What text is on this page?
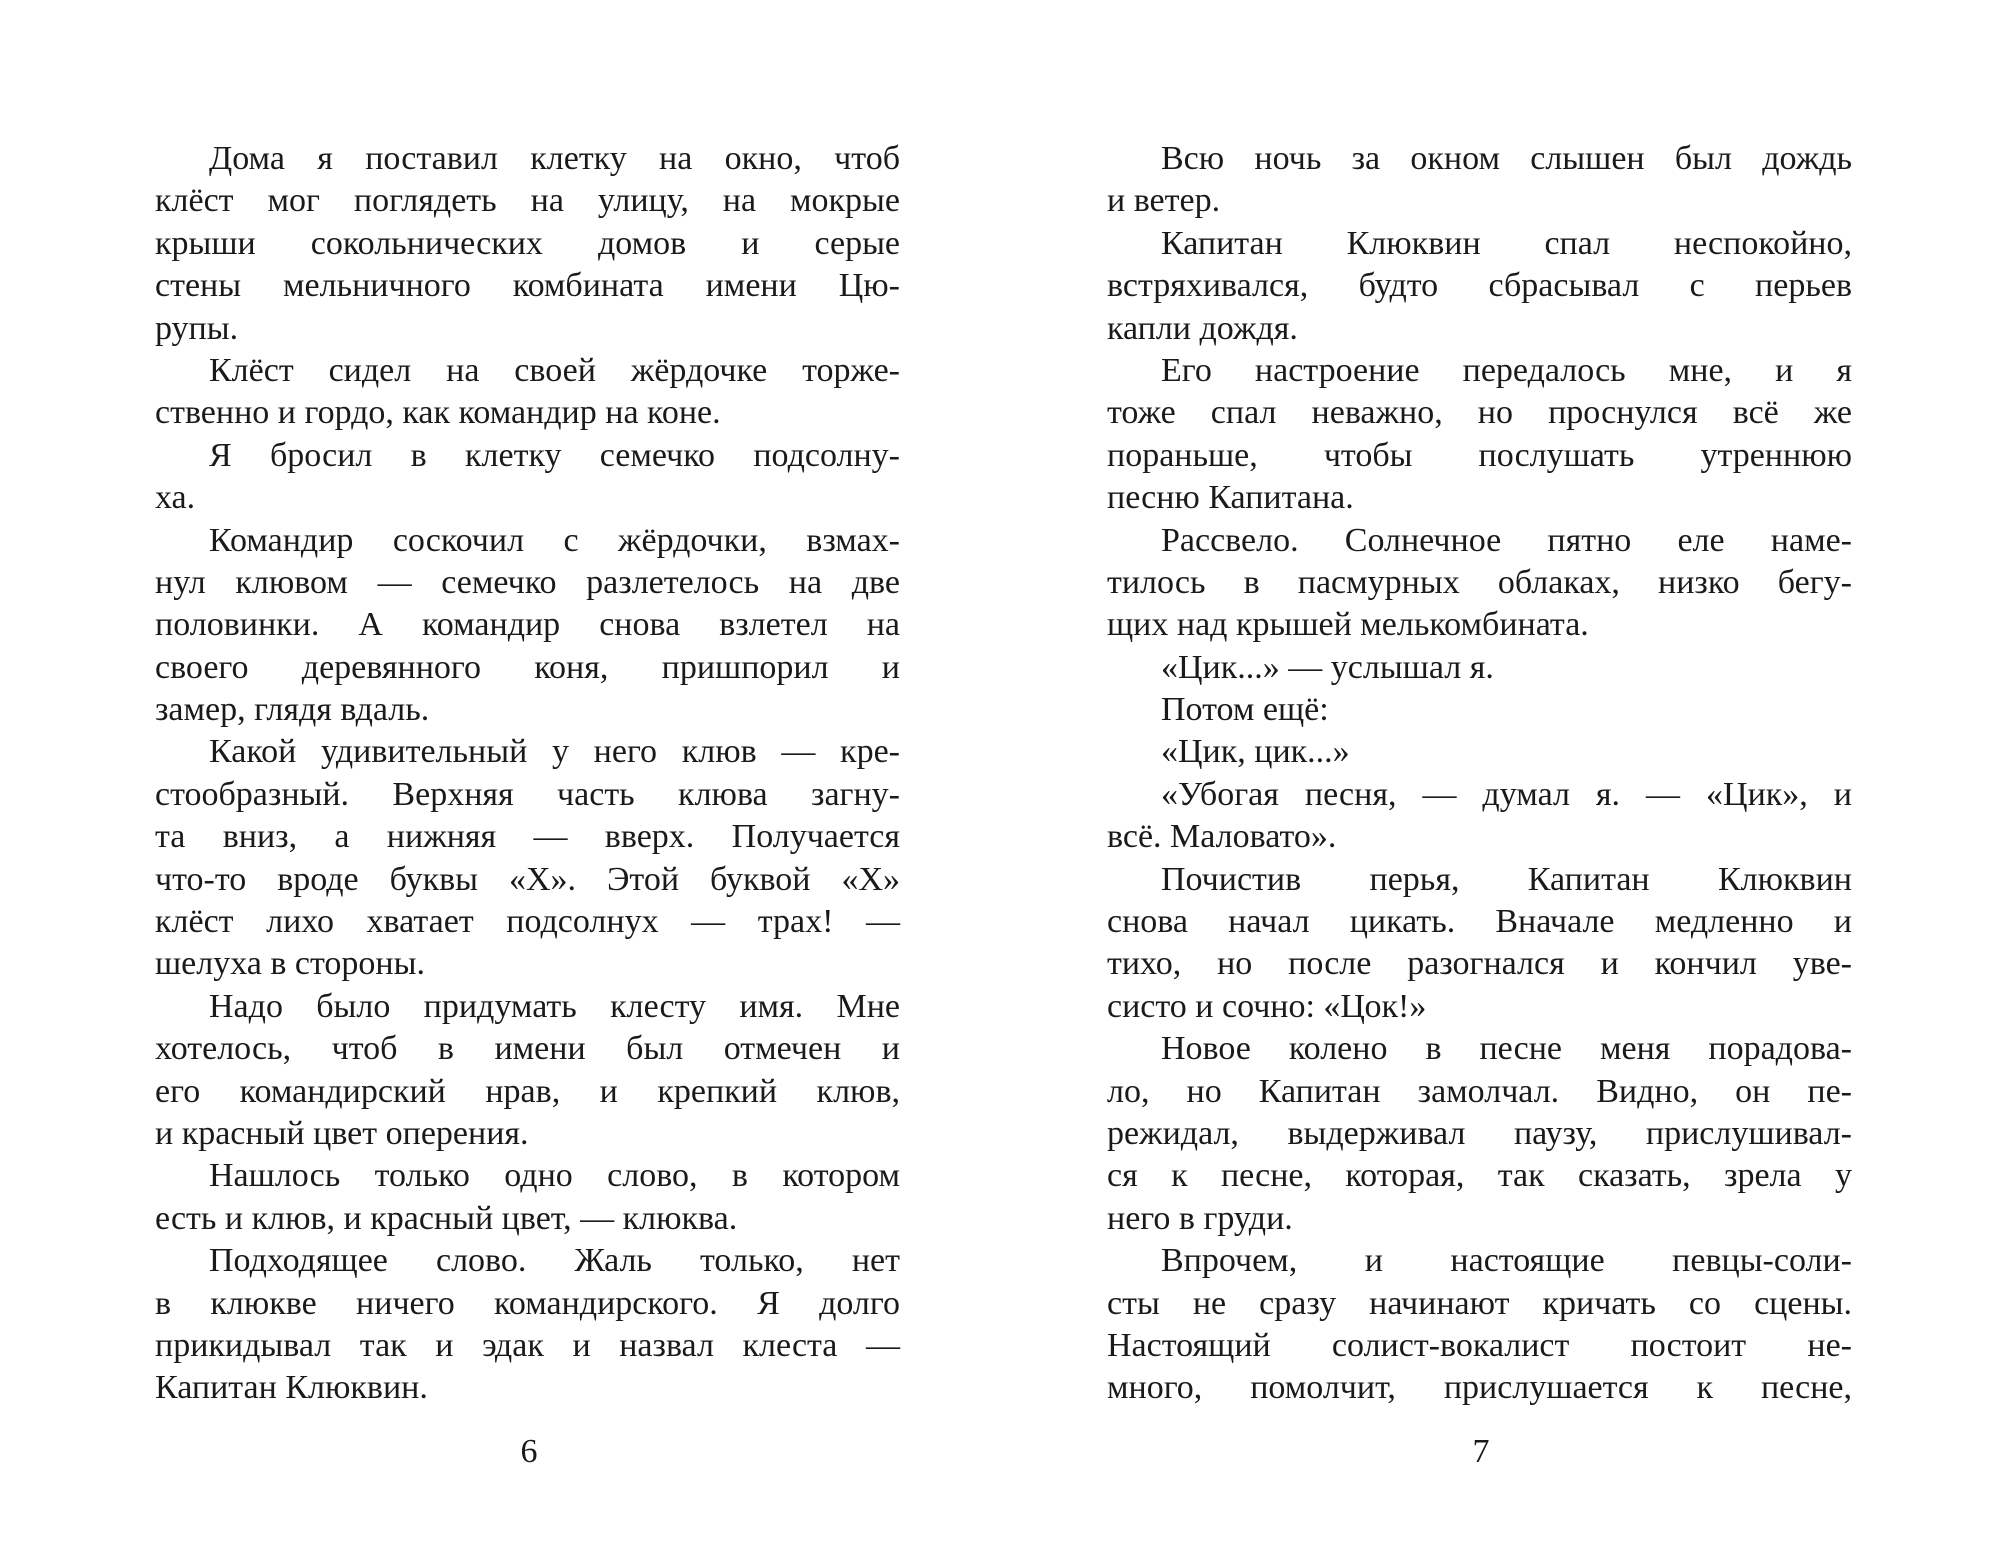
Дома я поставил клетку на окно, чтоб
клёст мог поглядеть на улицу, на мокрые
крыши сокольнических домов и серые
стены мельничного комбината имени Цю-
рупы.
Клёст сидел на своей жёрдочке торже-
ственно и гордо, как командир на коне.
Я бросил в клетку семечко подсолну-
ха.
Командир соскочил с жёрдочки, взмах-
нул клювом — семечко разлетелось на две
половинки. А командир снова взлетел на
своего деревянного коня, пришпорил и
замер, глядя вдаль.
Какой удивительный у него клюв — кре-
стообразный. Верхняя часть клюва загну-
та вниз, а нижняя — вверх. Получается
что-то вроде буквы «Х». Этой буквой «Х»
клёст лихо хватает подсолнух — трах! —
шелуха в стороны.
Надо было придумать клесту имя. Мне
хотелось, чтоб в имени был отмечен и
его командирский нрав, и крепкий клюв,
и красный цвет оперения.
Нашлось только одно слово, в котором
есть и клюв, и красный цвет, — клюква.
Подходящее слово. Жаль только, нет
в клюкве ничего командирского. Я долго
прикидывал так и эдак и назвал клеста —
Капитан Клюквин.
Всю ночь за окном слышен был дождь
и ветер.
Капитан Клюквин спал неспокойно,
встряхивался, будто сбрасывал с перьев
капли дождя.
Его настроение передалось мне, и я
тоже спал неважно, но проснулся всё же
пораньше, чтобы послушать утреннюю
песню Капитана.
Рассвело. Солнечное пятно еле наме-
тилось в пасмурных облаках, низко бегу-
щих над крышей мелькомбината.
«Цик...» — услышал я.
Потом ещё:
«Цик, цик...»
«Убогая песня, — думал я. — «Цик», и
всё. Маловато».
Почистив перья, Капитан Клюквин
снова начал цикать. Вначале медленно и
тихо, но после разогнался и кончил уве-
систо и сочно: «Цок!»
Новое колено в песне меня порадова-
ло, но Капитан замолчал. Видно, он пе-
режидал, выдерживал паузу, прислушивал-
ся к песне, которая, так сказать, зрела у
него в груди.
Впрочем, и настоящие певцы-соли-
сты не сразу начинают кричать со сцены.
Настоящий солист-вокалист постоит не-
много, помолчит, прислушается к песне,
6	7
